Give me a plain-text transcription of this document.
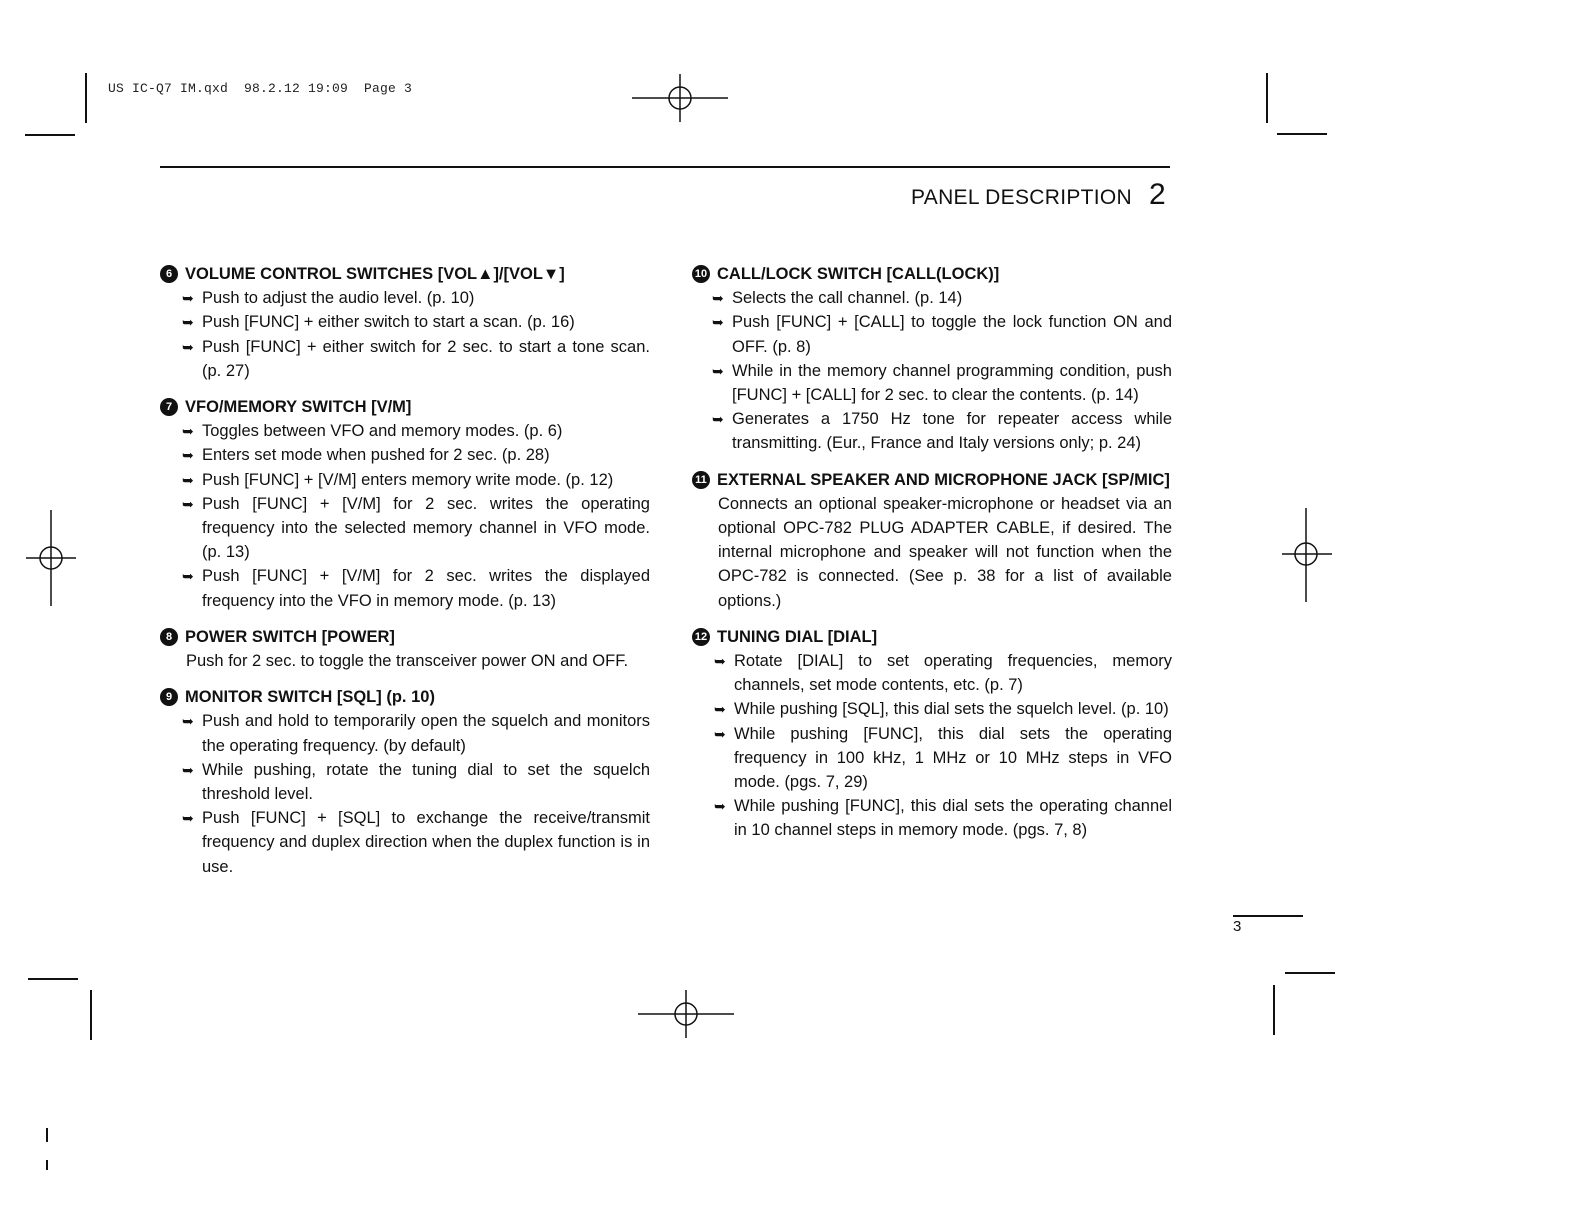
US IC-Q7 IM.qxd  98.2.12 19:09  Page 3
PANEL DESCRIPTION 2
6 VOLUME CONTROL SWITCHES [VOL▲]/[VOL▼]
➥ Push to adjust the audio level. (p. 10)
➥ Push [FUNC] + either switch to start a scan. (p. 16)
➥ Push [FUNC] + either switch for 2 sec. to start a tone scan. (p. 27)
7 VFO/MEMORY SWITCH [V/M]
➥ Toggles between VFO and memory modes. (p. 6)
➥ Enters set mode when pushed for 2 sec. (p. 28)
➥ Push [FUNC] + [V/M] enters memory write mode. (p. 12)
➥ Push [FUNC] + [V/M] for 2 sec. writes the operating frequency into the selected memory channel in VFO mode. (p. 13)
➥ Push [FUNC] + [V/M] for 2 sec. writes the displayed frequency into the VFO in memory mode. (p. 13)
8 POWER SWITCH [POWER]
Push for 2 sec. to toggle the transceiver power ON and OFF.
9 MONITOR SWITCH [SQL] (p. 10)
➥ Push and hold to temporarily open the squelch and monitors the operating frequency. (by default)
➥ While pushing, rotate the tuning dial to set the squelch threshold level.
➥ Push [FUNC] + [SQL] to exchange the receive/transmit frequency and duplex direction when the duplex function is in use.
10 CALL/LOCK SWITCH [CALL(LOCK)]
➥ Selects the call channel. (p. 14)
➥ Push [FUNC] + [CALL] to toggle the lock function ON and OFF. (p. 8)
➥ While in the memory channel programming condition, push [FUNC] + [CALL] for 2 sec. to clear the contents. (p. 14)
➥ Generates a 1750 Hz tone for repeater access while transmitting. (Eur., France and Italy versions only; p. 24)
11 EXTERNAL SPEAKER AND MICROPHONE JACK [SP/MIC]
Connects an optional speaker-microphone or headset via an optional OPC-782 PLUG ADAPTER CABLE, if desired. The internal microphone and speaker will not function when the OPC-782 is connected. (See p. 38 for a list of available options.)
12 TUNING DIAL [DIAL]
➥ Rotate [DIAL] to set operating frequencies, memory channels, set mode contents, etc. (p. 7)
➥ While pushing [SQL], this dial sets the squelch level. (p. 10)
➥ While pushing [FUNC], this dial sets the operating frequency in 100 kHz, 1 MHz or 10 MHz steps in VFO mode. (pgs. 7, 29)
➥ While pushing [FUNC], this dial sets the operating channel in 10 channel steps in memory mode. (pgs. 7, 8)
3
